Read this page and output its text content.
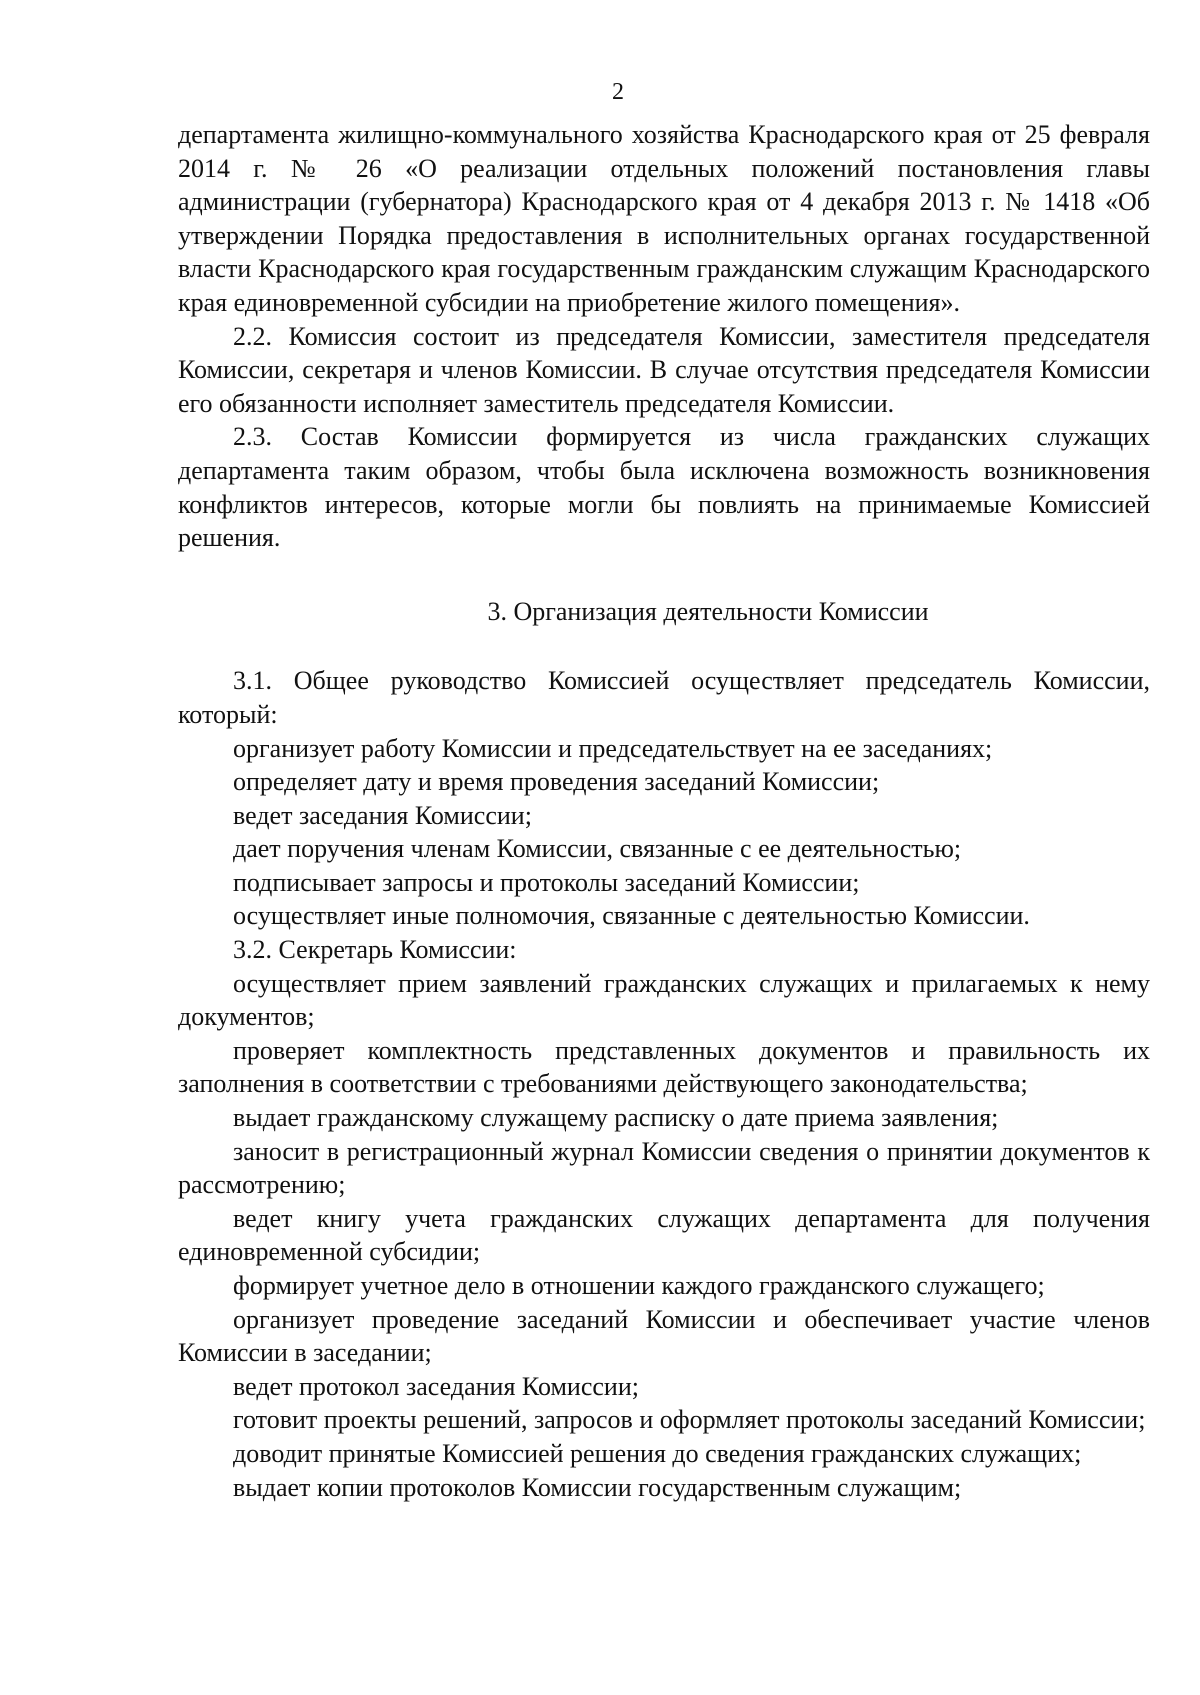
2

департамента жилищно-коммунального хозяйства Краснодарского края от 25 февраля 2014 г. № 26 «О реализации отдельных положений постановления главы администрации (губернатора) Краснодарского края от 4 декабря 2013 г. № 1418 «Об утверждении Порядка предоставления в исполнительных органах государственной власти Краснодарского края государственным гражданским служащим Краснодарского края единовременной субсидии на приобретение жилого помещения».

2.2. Комиссия состоит из председателя Комиссии, заместителя председателя Комиссии, секретаря и членов Комиссии. В случае отсутствия председателя Комиссии его обязанности исполняет заместитель председателя Комиссии.

2.3. Состав Комиссии формируется из числа гражданских служащих департамента таким образом, чтобы была исключена возможность возникновения конфликтов интересов, которые могли бы повлиять на принимаемые Комиссией решения.

3. Организация деятельности Комиссии

3.1. Общее руководство Комиссией осуществляет председатель Комиссии, который:

организует работу Комиссии и председательствует на ее заседаниях;

определяет дату и время проведения заседаний Комиссии;

ведет заседания Комиссии;

дает поручения членам Комиссии, связанные с ее деятельностью;

подписывает запросы и протоколы заседаний Комиссии;

осуществляет иные полномочия, связанные с деятельностью Комиссии.

3.2. Секретарь Комиссии:

осуществляет прием заявлений гражданских служащих и прилагаемых к нему документов;

проверяет комплектность представленных документов и правильность их заполнения в соответствии с требованиями действующего законодательства;

выдает гражданскому служащему расписку о дате приема заявления;

заносит в регистрационный журнал Комиссии сведения о принятии документов к рассмотрению;

ведет книгу учета гражданских служащих департамента для получения единовременной субсидии;

формирует учетное дело в отношении каждого гражданского служащего;

организует проведение заседаний Комиссии и обеспечивает участие членов Комиссии в заседании;

ведет протокол заседания Комиссии;

готовит проекты решений, запросов и оформляет протоколы заседаний Комиссии;

доводит принятые Комиссией решения до сведения гражданских служащих;

выдает копии протоколов Комиссии государственным служащим;
